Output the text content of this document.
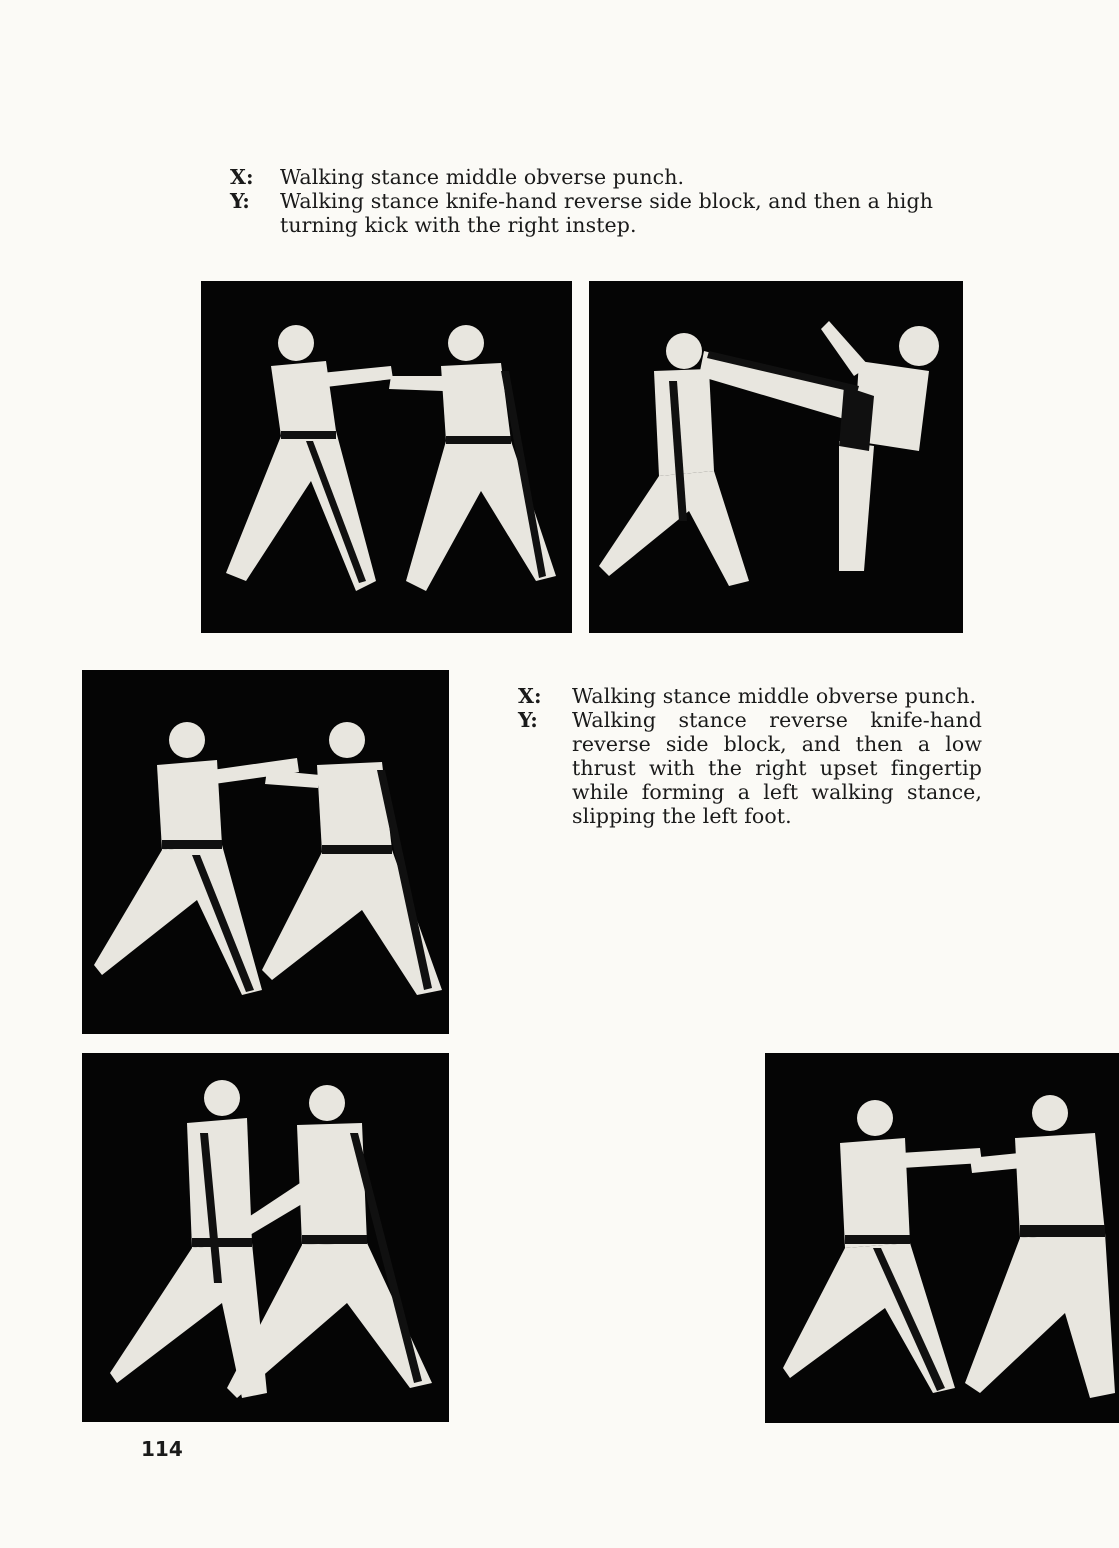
X:	Walking stance middle obverse punch.
Y:	Walking stance knife-hand reverse side block, and then a high turning kick with the right instep.
X:	Walking stance middle obverse punch.
Y:	Walking stance reverse knife-hand reverse side block, and then a low thrust with the right upset fingertip while forming a left walking stance, slipping the left foot.
114
